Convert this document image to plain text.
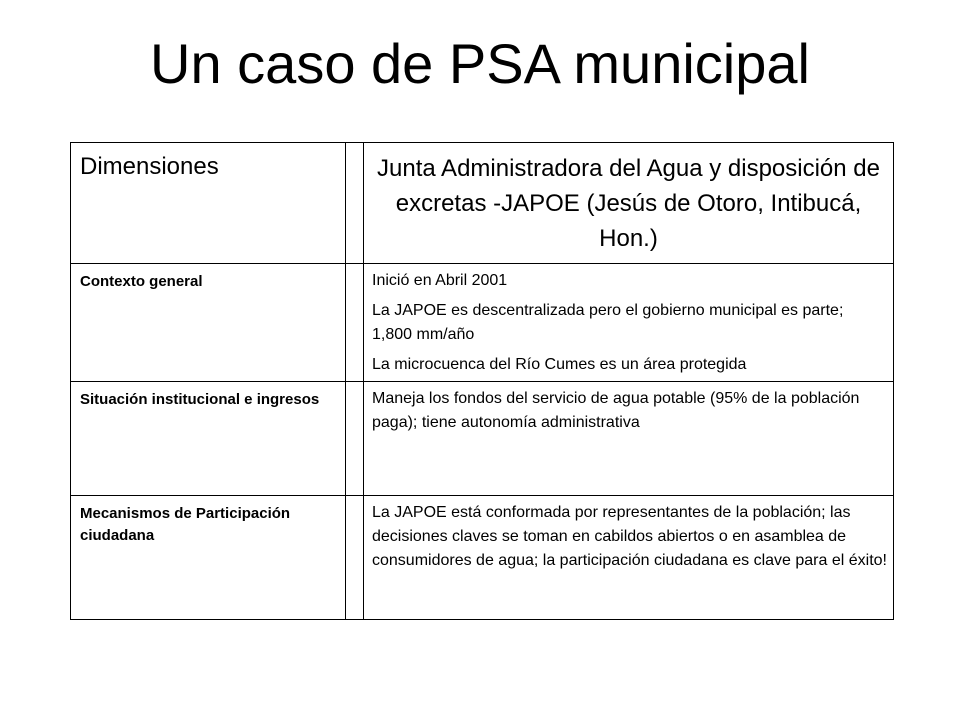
Un caso de PSA municipal
Dimensiones		Junta Administradora del Agua y disposición de excretas -JAPOE (Jesús de Otoro, Intibucá, Hon.)
Contexto general		Inició en Abril 2001

La JAPOE es descentralizada pero el gobierno municipal es parte; 1,800 mm/año

La microcuenca del Río Cumes es un área protegida

Situación institucional e ingresos		Maneja los fondos del servicio de agua potable (95% de la población paga); tiene autonomía administrativa

Mecanismos de Participación ciudadana		La JAPOE está conformada por representantes de la población; las decisiones claves se toman en cabildos abiertos o en asamblea de consumidores de agua; la participación ciudadana es clave para el éxito!
